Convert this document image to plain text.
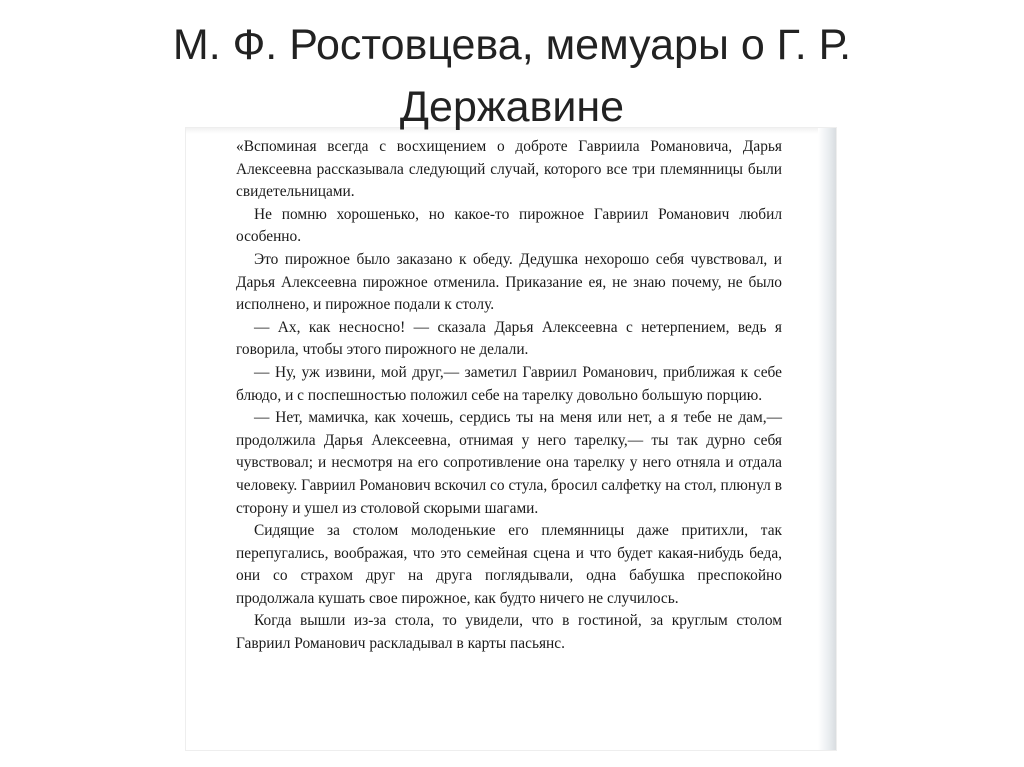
М. Ф. Ростовцева, мемуары о Г. Р. Державине

«Вспоминая всегда с восхищением о доброте Гавриила Романовича, Дарья Алексеевна рассказывала следующий случай, которого все три племянницы были свидетельницами.

Не помню хорошенько, но какое-то пирожное Гавриил Романович любил особенно.

Это пирожное было заказано к обеду. Дедушка нехорошо себя чувствовал, и Дарья Алексеевна пирожное отменила. Приказание ея, не знаю почему, не было исполнено, и пирожное подали к столу.

— Ах, как несносно! — сказала Дарья Алексеевна с нетерпением, ведь я говорила, чтобы этого пирожного не делали.

— Ну, уж извини, мой друг,— заметил Гавриил Романович, приближая к себе блюдо, и с поспешностью положил себе на тарелку довольно большую порцию.

— Нет, мамичка, как хочешь, сердись ты на меня или нет, а я тебе не дам,— продолжила Дарья Алексеевна, отнимая у него тарелку,— ты так дурно себя чувствовал; и несмотря на его сопротивление она тарелку у него отняла и отдала человеку. Гавриил Романович вскочил со стула, бросил салфетку на стол, плюнул в сторону и ушел из столовой скорыми шагами.

Сидящие за столом молоденькие его племянницы даже притихли, так перепугались, воображая, что это семейная сцена и что будет какая-нибудь беда, они со страхом друг на друга поглядывали, одна бабушка преспокойно продолжала кушать свое пирожное, как будто ничего не случилось.

Когда вышли из-за стола, то увидели, что в гостиной, за круглым столом Гавриил Романович раскладывал в карты пасьянс.
